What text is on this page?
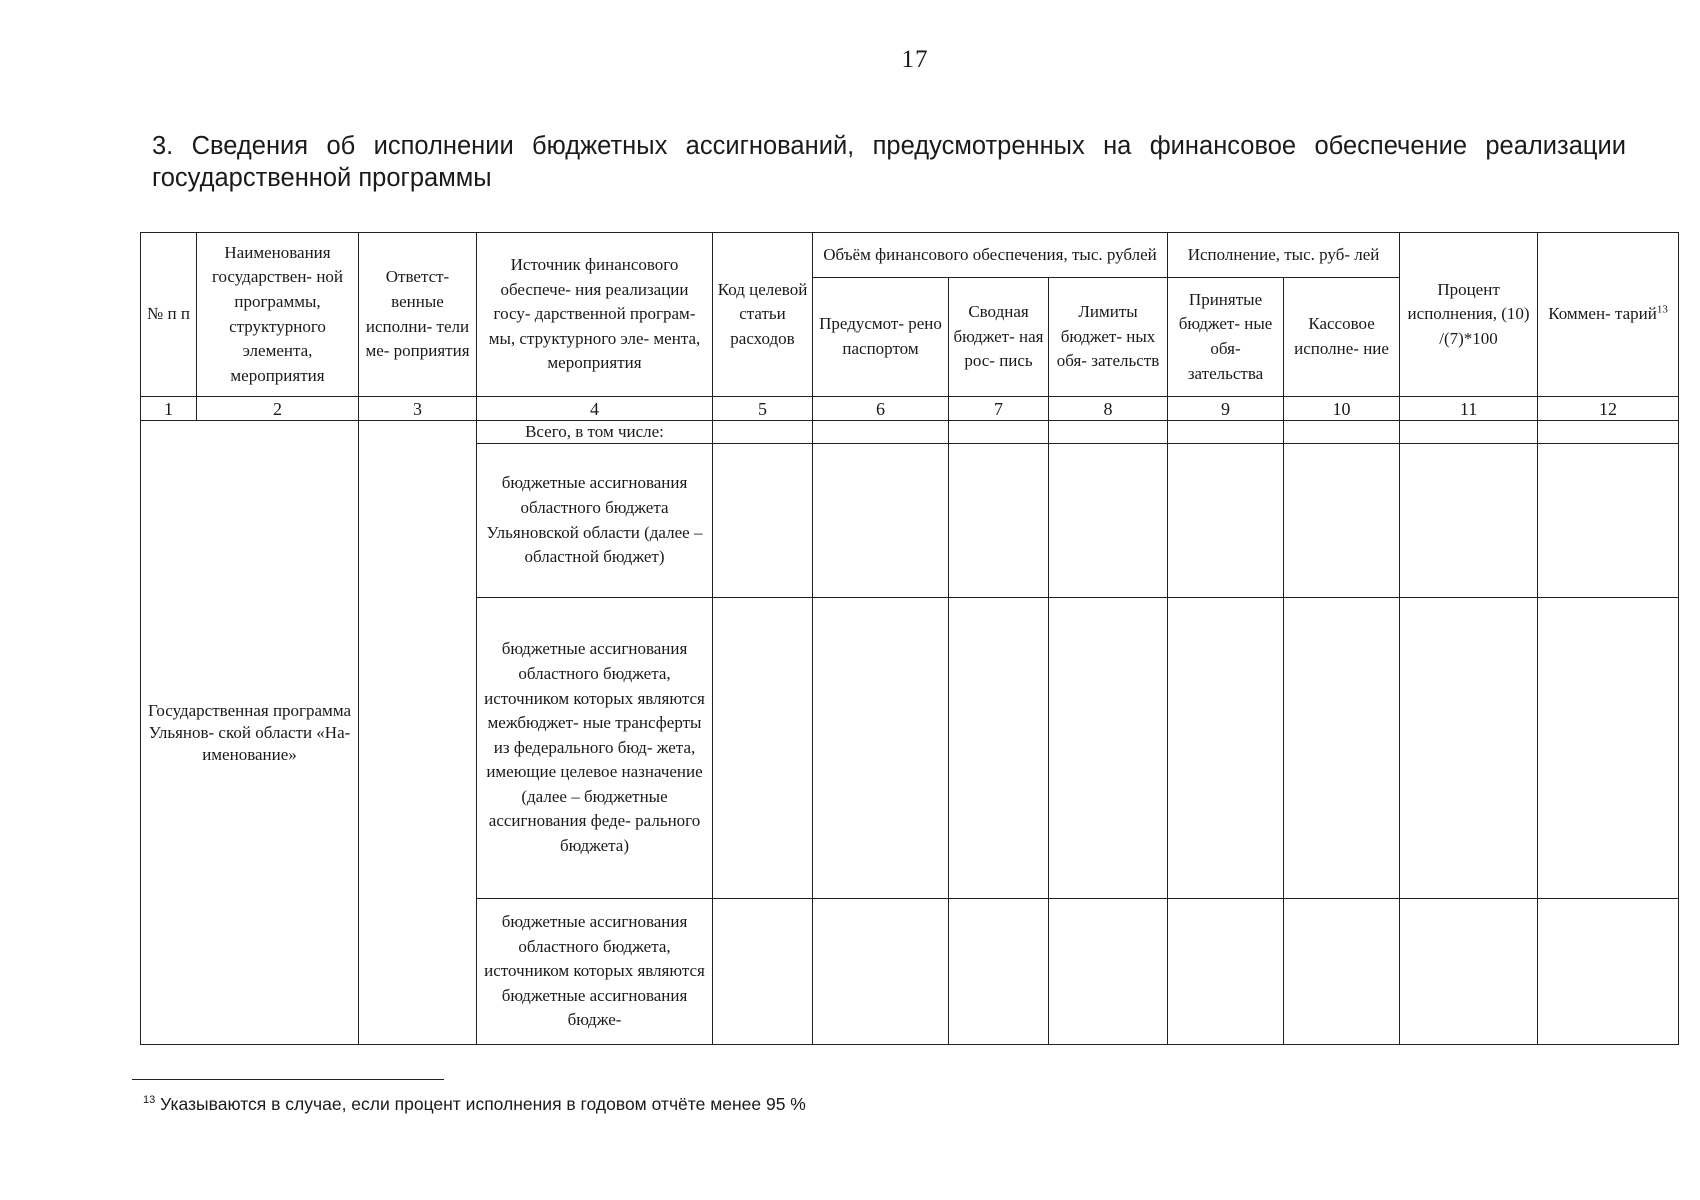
17
3. Сведения об исполнении бюджетных ассигнований, предусмотренных на финансовое обеспечение реализации государственной программы
№ п п	Наименования государствен- ной программы, структурного элемента, мероприятия	Ответст- венные исполни- тели ме- роприятия	Источник финансового обеспече- ния реализации госу- дарственной програм- мы, структурного эле- мента, мероприятия	Код целевой статьи расходов	Объём финансового обеспечения, тыс. рублей			Исполнение, тыс. руб- лей		Процент исполнения, (10) /(7)*100	Коммен- тарий$^{13}$
					Предусмот- рено паспортом	Сводная бюджет- ная рос- пись	Лимиты бюджет- ных обя- зательств	Принятые бюджет- ные обя- зательства	Кассовое исполне- ние		
1	2	3	4	5	6	7	8	9	10	11	12
Государственная программа Ульянов- ской области «На- именование»			Всего, в том числе:								
			бюджетные ассигнования областного бюджета Ульяновской области (далее – областной бюджет)								
			бюджетные ассигнования областного бюджета, источником которых являются межбюджет- ные трансферты из федерального бюд- жета, имеющие целевое назначение (далее – бюджетные ассигнования феде- рального бюджета)								
			бюджетные ассигнования областного бюджета, источником которых являются бюджетные ассигнования бюдже-								
$^{13}$ Указываются в случае, если процент исполнения в годовом отчёте менее 95 %
